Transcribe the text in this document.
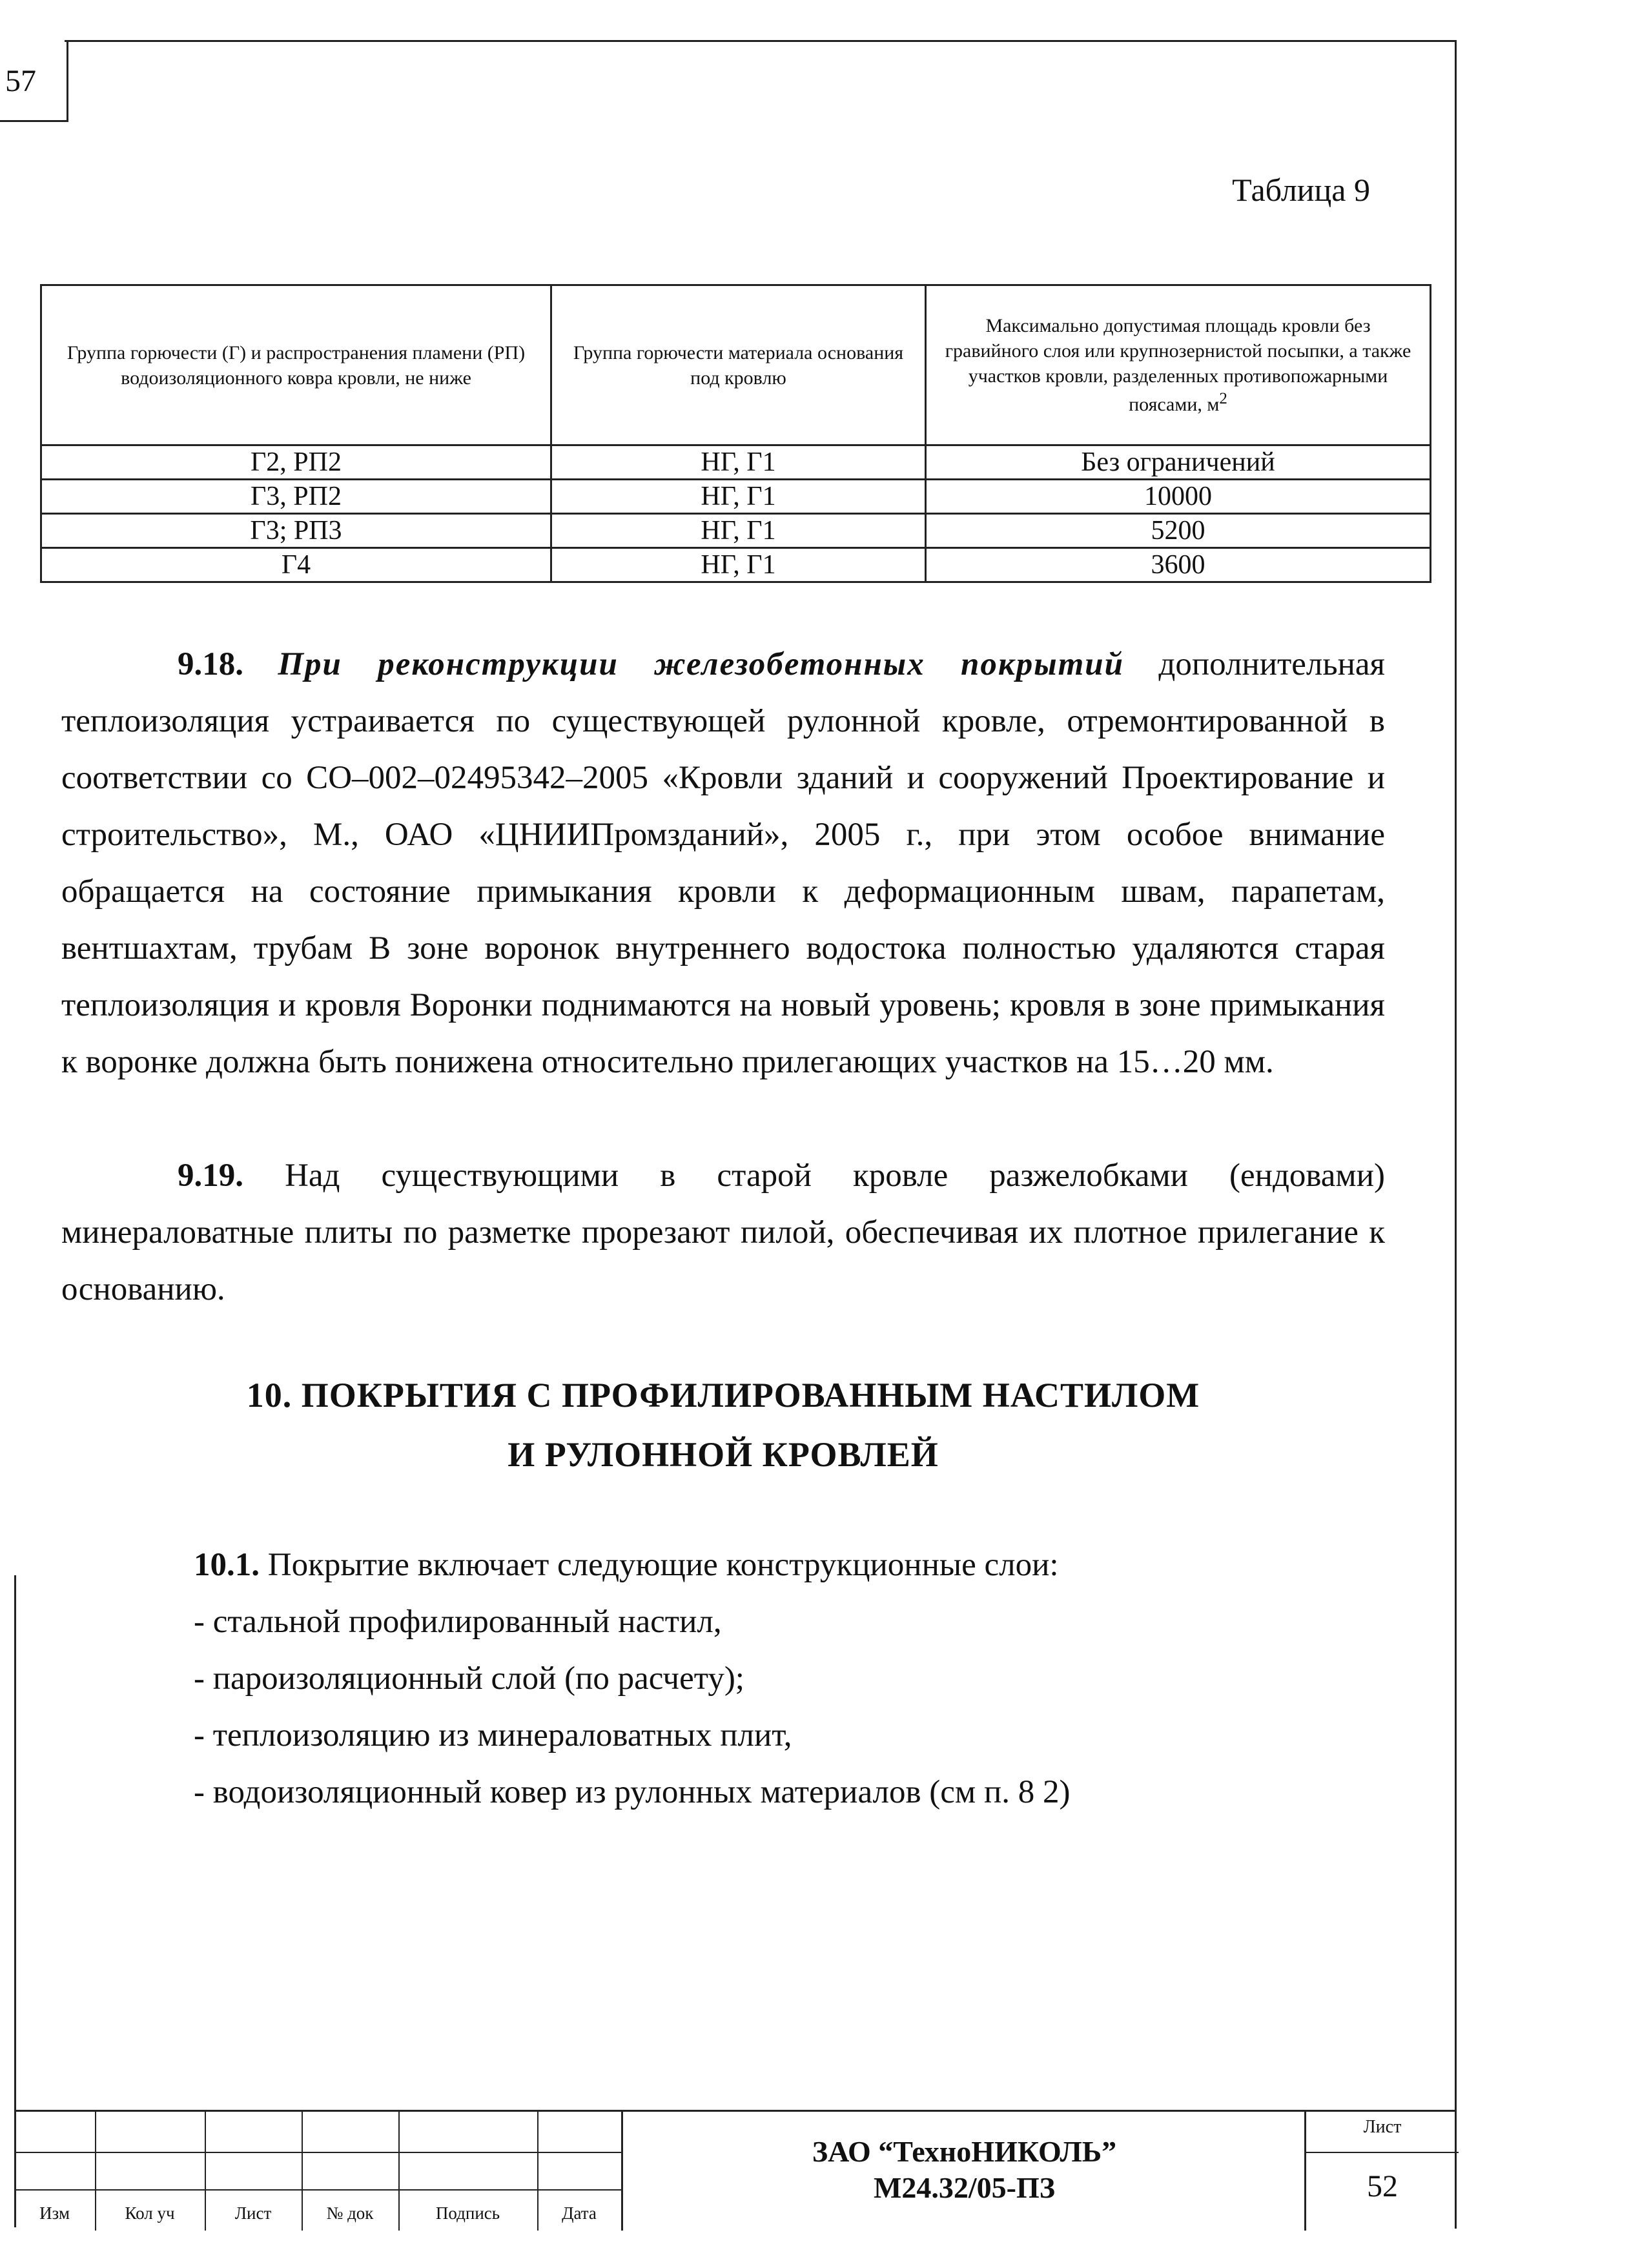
57
Таблица 9
Группа горючести (Г) и распространения пламени (РП) водоизоляционного ковра кровли, не ниже	Группа горючести материала основания под кровлю	Максимально допустимая площадь кровли без гравийного слоя или крупнозернистой посыпки, а также участков кровли, разделенных противопожарными поясами, $м^2$
Г2, РП2	НГ, Г1	Без ограничений
Г3, РП2	НГ, Г1	10000
Г3; РП3	НГ, Г1	5200
Г4	НГ, Г1	3600

9.18. При реконструкции железобетонных покрытий дополнительная теплоизоляция устраивается по существующей рулонной кровле, отремонтированной в соответствии со СО–002–02495342–2005 «Кровли зданий и сооружений Проектирование и строительство», М., ОАО «ЦНИИПромзданий», 2005 г., при этом особое внимание обращается на состояние примыкания кровли к деформационным швам, парапетам, вентшахтам, трубам В зоне воронок внутреннего водостока полностью удаляются старая теплоизоляция и кровля Воронки поднимаются на новый уровень; кровля в зоне примыкания к воронке должна быть понижена относительно прилегающих участков на 15…20 мм.

9.19. Над существующими в старой кровле разжелобками (ендовами) минераловатные плиты по разметке прорезают пилой, обеспечивая их плотное прилегание к основанию.

10. ПОКРЫТИЯ С ПРОФИЛИРОВАННЫМ НАСТИЛОМ
И РУЛОННОЙ КРОВЛЕЙ

10.1. Покрытие включает следующие конструкционные слои:

- стальной профилированный настил,
- пароизоляционный слой (по расчету);
- теплоизоляцию из минераловатных плит,
- водоизоляционный ковер из рулонных материалов (см п. 8 2)
Изм	Кол уч	Лист	№ док	Подпись	Дата
ЗАО “ТехноНИКОЛЬ”
М24.32/05-ПЗ
Лист
52
